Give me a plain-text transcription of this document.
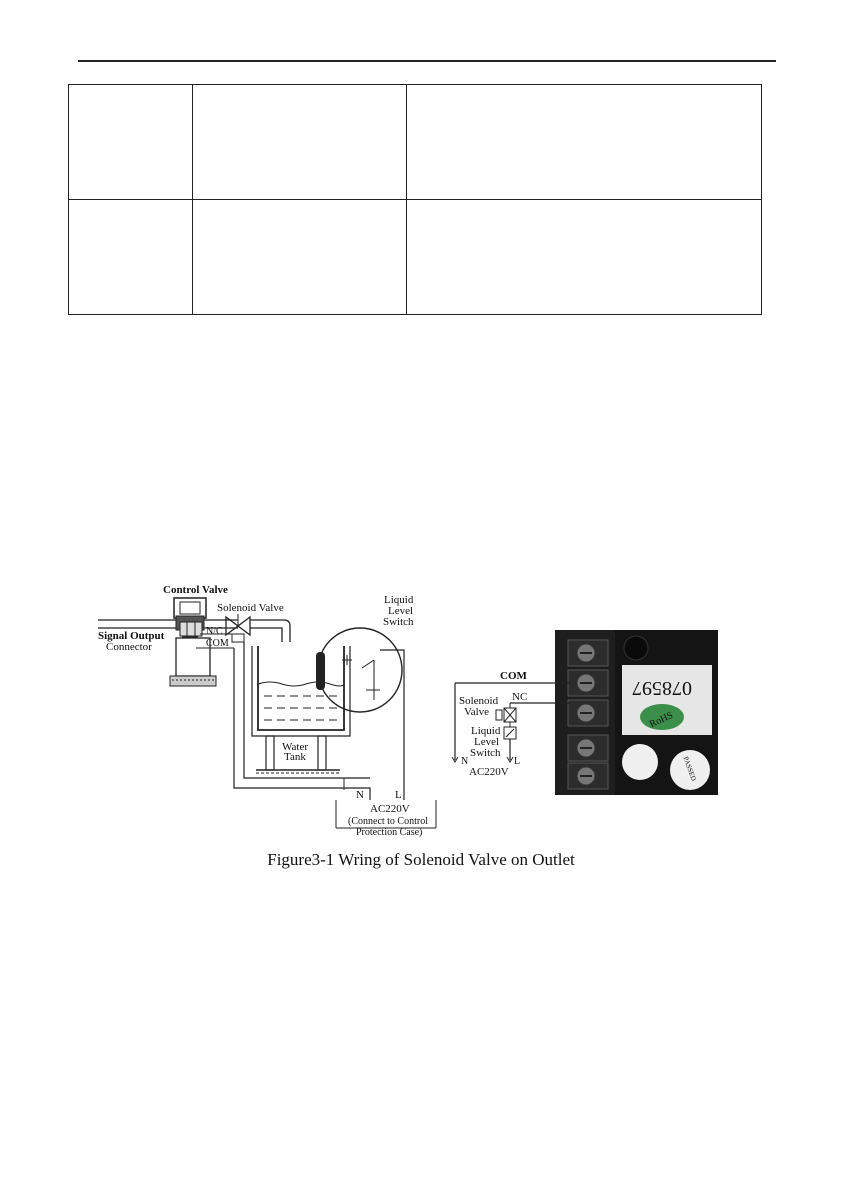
Control Valve
Solenoid Valve
Liquid
Level
Switch
Signal Output
Connector
N/C
COM
Water
Tank
N	L
AC220V
(Connect to Control
Protection Case)
078597
RoHS
PASSED
COM
NC
Solenoid
Valve
Liquid
Level
Switch
N	L
AC220V
Figure3-1 Wring of Solenoid Valve on Outlet
